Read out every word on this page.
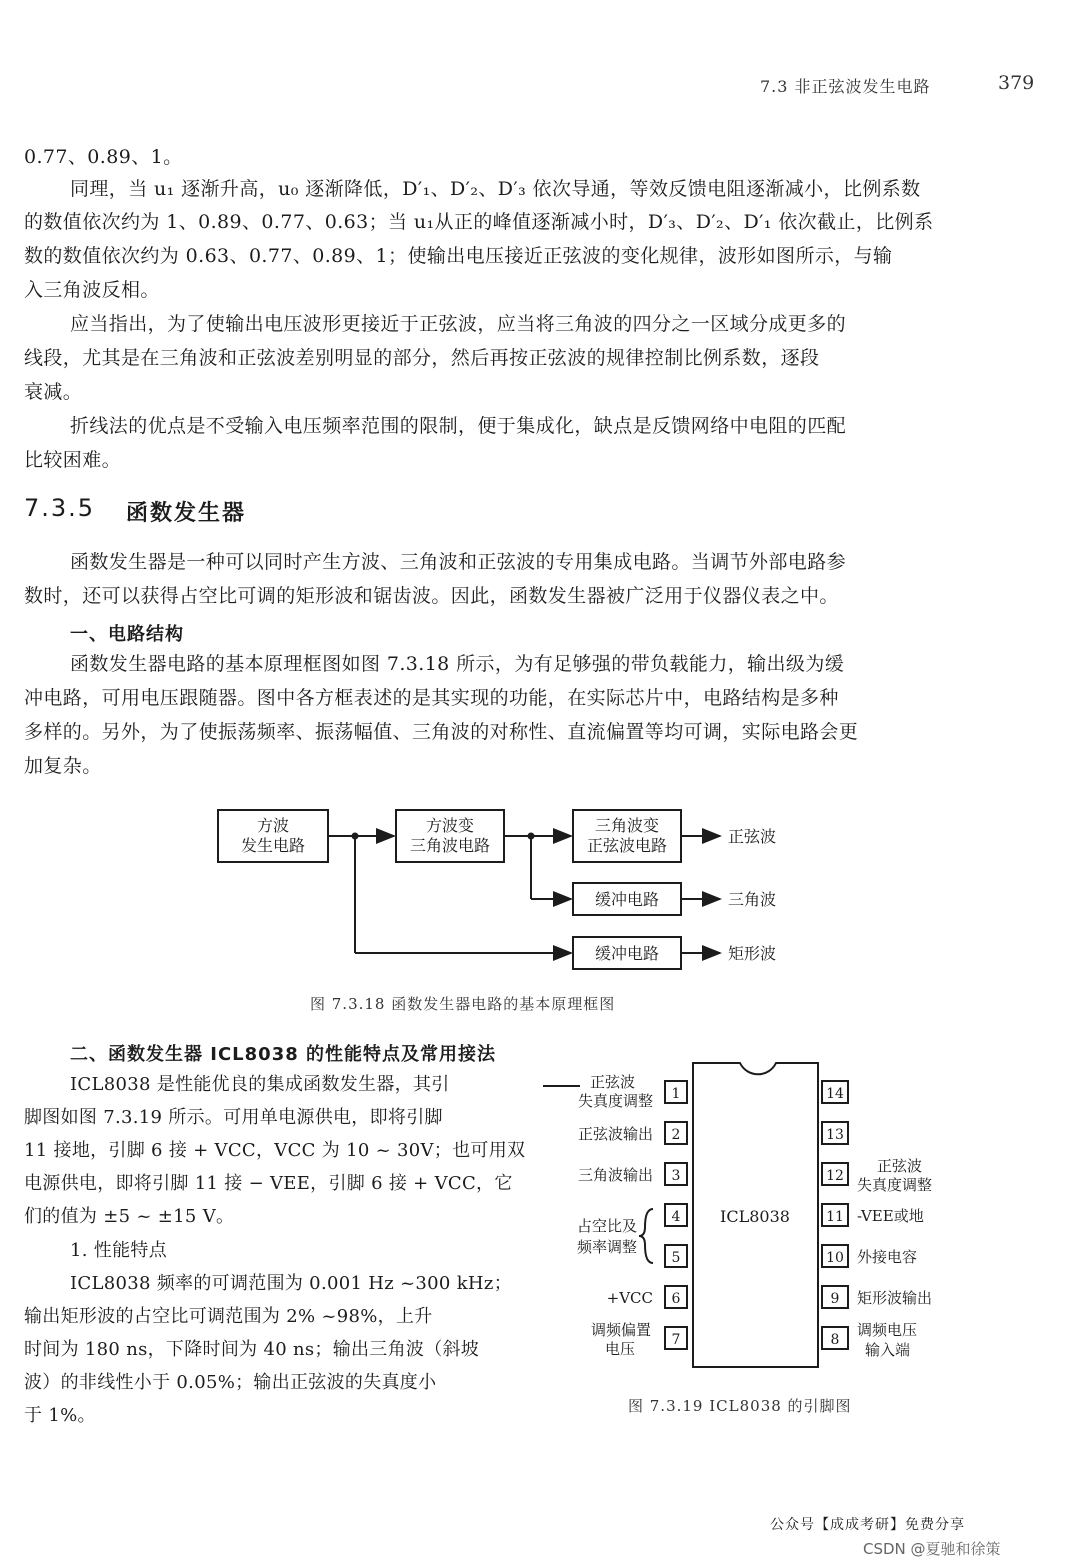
7.3 非正弦波发生电路	379
0.77、0.89、1。
同理，当 u₁ 逐渐升高，u₀ 逐渐降低，D′₁、D′₂、D′₃ 依次导通，等效反馈电阻逐渐减小，比例系数
的数值依次约为 1、0.89、0.77、0.63；当 u₁从正的峰值逐渐减小时，D′₃、D′₂、D′₁ 依次截止，比例系
数的数值依次约为 0.63、0.77、0.89、1；使输出电压接近正弦波的变化规律，波形如图所示，与输
入三角波反相。
应当指出，为了使输出电压波形更接近于正弦波，应当将三角波的四分之一区域分成更多的
线段，尤其是在三角波和正弦波差别明显的部分，然后再按正弦波的规律控制比例系数，逐段
衰减。
折线法的优点是不受输入电压频率范围的限制，便于集成化，缺点是反馈网络中电阻的匹配
比较困难。
7.3.5 函数发生器
函数发生器是一种可以同时产生方波、三角波和正弦波的专用集成电路。当调节外部电路参
数时，还可以获得占空比可调的矩形波和锯齿波。因此，函数发生器被广泛用于仪器仪表之中。
一、电路结构
函数发生器电路的基本原理框图如图 7.3.18 所示，为有足够强的带负载能力，输出级为缓
冲电路，可用电压跟随器。图中各方框表述的是其实现的功能，在实际芯片中，电路结构是多种
多样的。另外，为了使振荡频率、振荡幅值、三角波的对称性、直流偏置等均可调，实际电路会更
加复杂。
方波
发生电路
方波变
三角波电路
三角波变
正弦波电路
缓冲电路
缓冲电路
正弦波
三角波
矩形波
图 7.3.18 函数发生器电路的基本原理框图
二、函数发生器 ICL8038 的性能特点及常用接法
ICL8038 是性能优良的集成函数发生器，其引
脚图如图 7.3.19 所示。可用单电源供电，即将引脚
11 接地，引脚 6 接 + VCC，VCC 为 10 ~ 30V；也可用双
电源供电，即将引脚 11 接 − VEE，引脚 6 接 + VCC，它
们的值为 ±5 ~ ±15 V。
1. 性能特点
ICL8038 频率的可调范围为 0.001 Hz ~300 kHz；
输出矩形波的占空比可调范围为 2% ~98%，上升
时间为 180 ns，下降时间为 40 ns；输出三角波（斜坡
波）的非线性小于 0.05%；输出正弦波的失真度小
于 1%。
1
2
3
4
5
6
7
14
13
12
11
10
9
8
ICL8038
正弦波
失真度调整
正弦波输出
三角波输出
占空比及
频率调整
+VCC
调频偏置
电压
正弦波
失真度调整
-VEE或地
外接电容
矩形波输出
调频电压
输入端
图 7.3.19 ICL8038 的引脚图
公众号【成成考研】免费分享
CSDN @夏驰和徐策
